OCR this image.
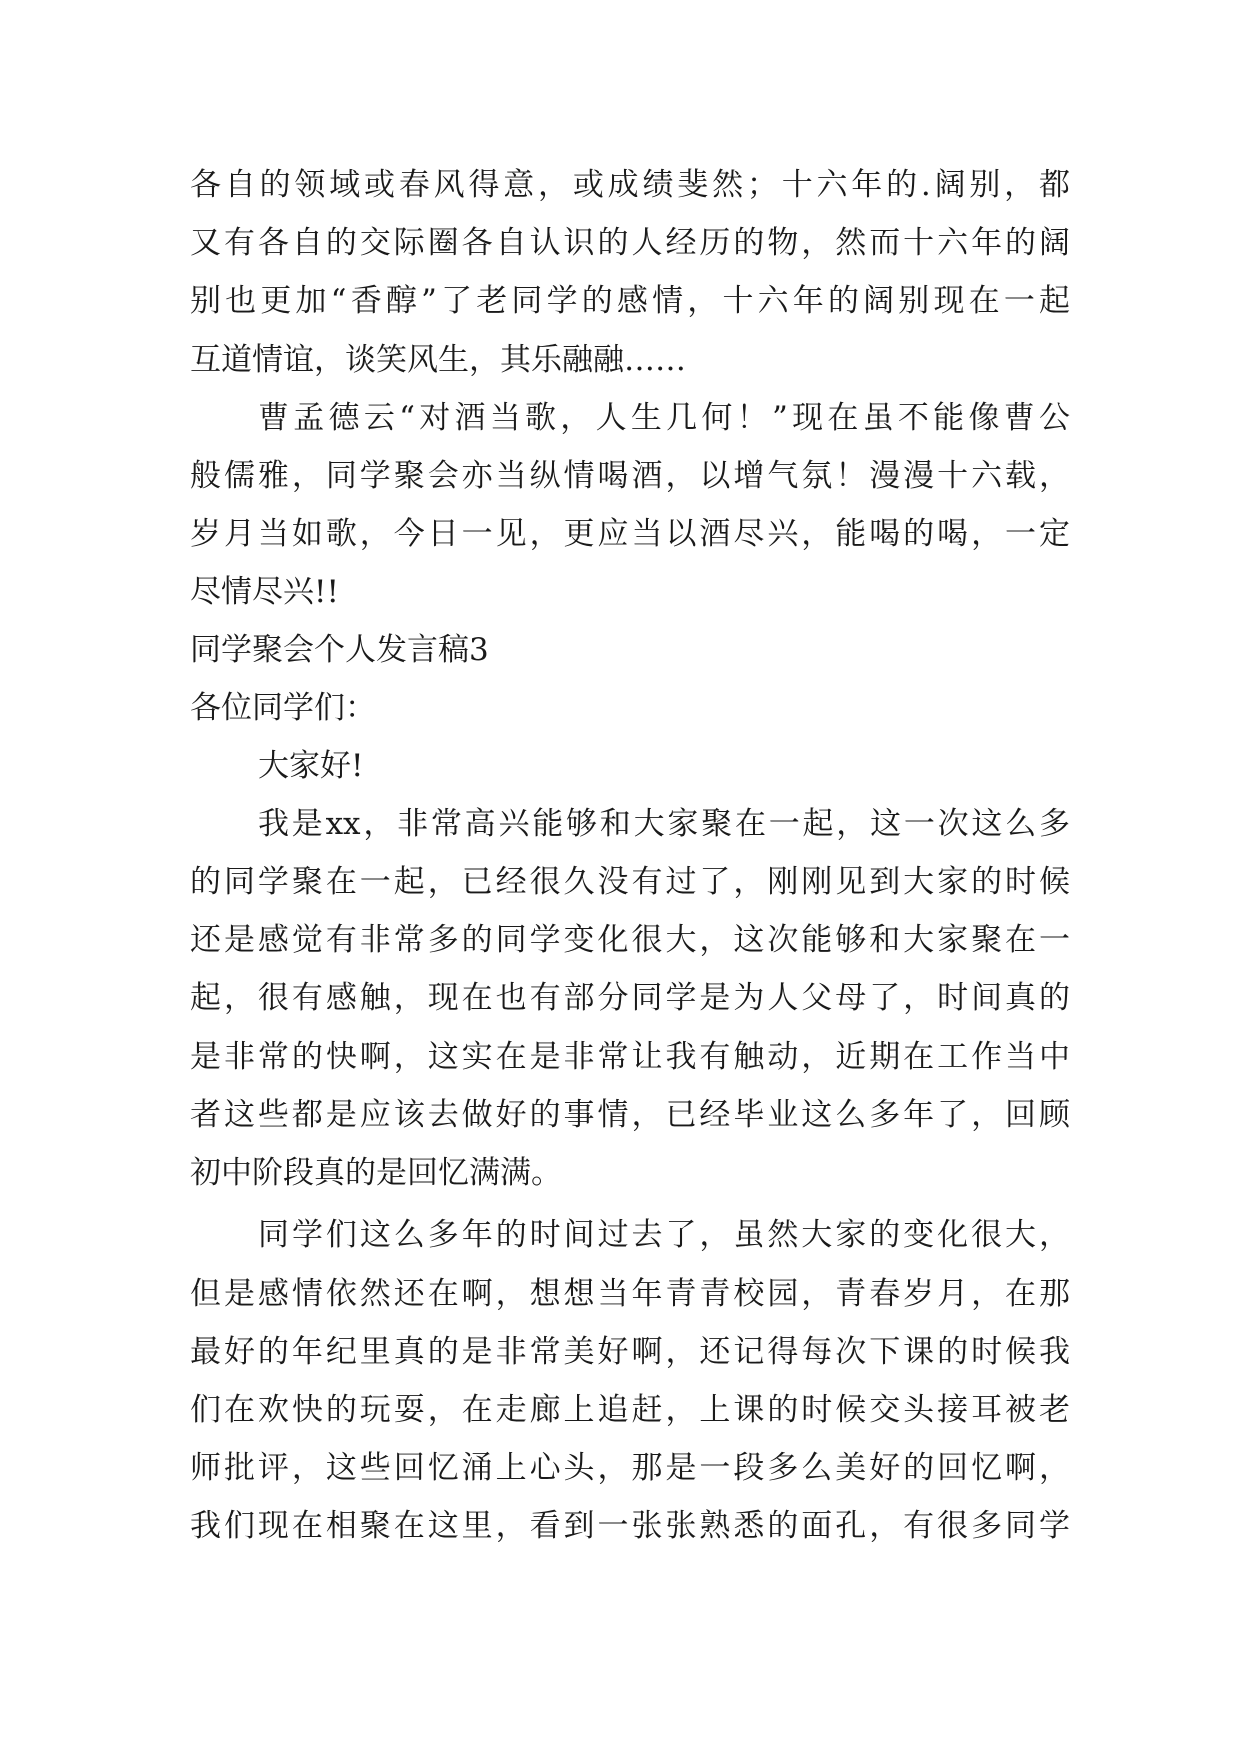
各自的领域或春风得意，或成绩斐然；十六年的.阔别，都
又有各自的交际圈各自认识的人经历的物，然而十六年的阔
别也更加“香醇”了老同学的感情，十六年的阔别现在一起
互道情谊，谈笑风生，其乐融融……
曹孟德云“对酒当歌，人生几何！”现在虽不能像曹公
般儒雅，同学聚会亦当纵情喝酒，以增气氛！漫漫十六载，
岁月当如歌，今日一见，更应当以酒尽兴，能喝的喝，一定
尽情尽兴!!
同学聚会个人发言稿3
各位同学们：
大家好!
我是xx，非常高兴能够和大家聚在一起，这一次这么多
的同学聚在一起，已经很久没有过了，刚刚见到大家的时候
还是感觉有非常多的同学变化很大，这次能够和大家聚在一
起，很有感触，现在也有部分同学是为人父母了，时间真的
是非常的快啊，这实在是非常让我有触动，近期在工作当中
者这些都是应该去做好的事情，已经毕业这么多年了，回顾
初中阶段真的是回忆满满。
同学们这么多年的时间过去了，虽然大家的变化很大，
但是感情依然还在啊，想想当年青青校园，青春岁月，在那
最好的年纪里真的是非常美好啊，还记得每次下课的时候我
们在欢快的玩耍，在走廊上追赶，上课的时候交头接耳被老
师批评，这些回忆涌上心头，那是一段多么美好的回忆啊，
我们现在相聚在这里，看到一张张熟悉的面孔，有很多同学
